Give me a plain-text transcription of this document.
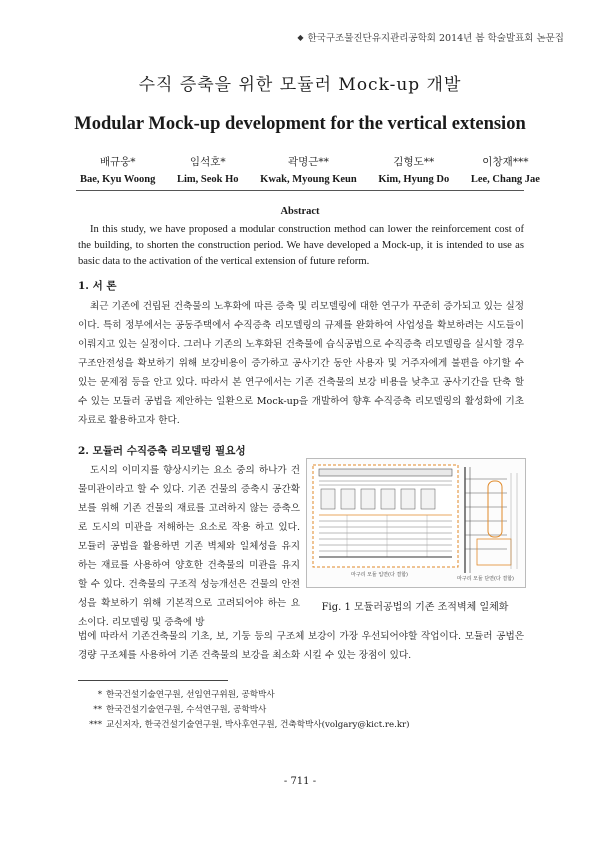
◆ 한국구조물진단유지관리공학회 2014년 봄 학술발표회 논문집
수직 증축을 위한 모듈러 Mock-up 개발
Modular Mock-up development for the vertical extension
배규웅*
Bae, Kyu Woong
임석호*
Lim, Seok Ho
곽명근**
Kwak, Myoung Keun
김형도**
Kim, Hyung Do
이창재***
Lee, Chang Jae
Abstract
In this study, we have proposed a modular construction method can lower the reinforcement cost of the building, to shorten the construction period. We have developed a Mock-up, it is intended to use as basic data to the activation of the vertical extension of future reform.
1. 서 론
최근 기존에 건립된 건축물의 노후화에 따른 증축 및 리모델링에 대한 연구가 꾸준히 증가되고 있는 실정이다. 특히 정부에서는 공동주택에서 수직증축 리모델링의 규제를 완화하여 사업성을 확보하려는 시도들이 이뤄지고 있는 실정이다. 그러나 기존의 노후화된 건축물에 습식공법으로 수직증축 리모델링을 실시할 경우 구조안전성을 확보하기 위해 보강비용이 증가하고 공사기간 동안 사용자 및 거주자에게 불편을 야기할 수 있는 문제점 등을 안고 있다. 따라서 본 연구에서는 기존 건축물의 보강 비용을 낮추고 공사기간을 단축 할 수 있는 모듈러 공법을 제안하는 일환으로 Mock-up을 개발하여 향후 수직증축 리모델링의 활성화에 기초 자료로 활용하고자 한다.
2. 모듈러 수직증축 리모델링 필요성
도시의 이미지를 향상시키는 요소 중의 하나가 건물미관이라고 할 수 있다. 기존 건물의 증축시 공간확보를 위해 기존 건물의 재료를 고려하지 않는 증축으로 도시의 미관을 저해하는 요소로 작용 하고 있다. 모듈러 공법을 활용하면 기존 벽체와 일체성을 유지하는 재료를 사용하여 양호한 건축물의 미관을 유지할 수 있다. 건축물의 구조적 성능개선은 건물의 안전성을 확보하기 위해 기본적으로 고려되어야 하는 요소이다. 리모델링 및 증축에 방
마구리 모듈 입면(다 결합)
마구리 모듈 단면(다 결합)
Fig. 1 모듈러공법의 기존 조적벽체 일체화
법에 따라서 기존건축물의 기초, 보, 기둥 등의 구조체 보강이 가장 우선되어야할 작업이다. 모듈러 공법은 경량 구조체를 사용하여 기존 건축물의 보강을 최소화 시킬 수 있는 장점이 있다.
* 한국건설기술연구원, 선임연구위원, 공학박사
** 한국건설기술연구원, 수석연구원, 공학박사
*** 교신저자, 한국건설기술연구원, 박사후연구원, 건축학박사(volgary@kict.re.kr)
- 711 -
